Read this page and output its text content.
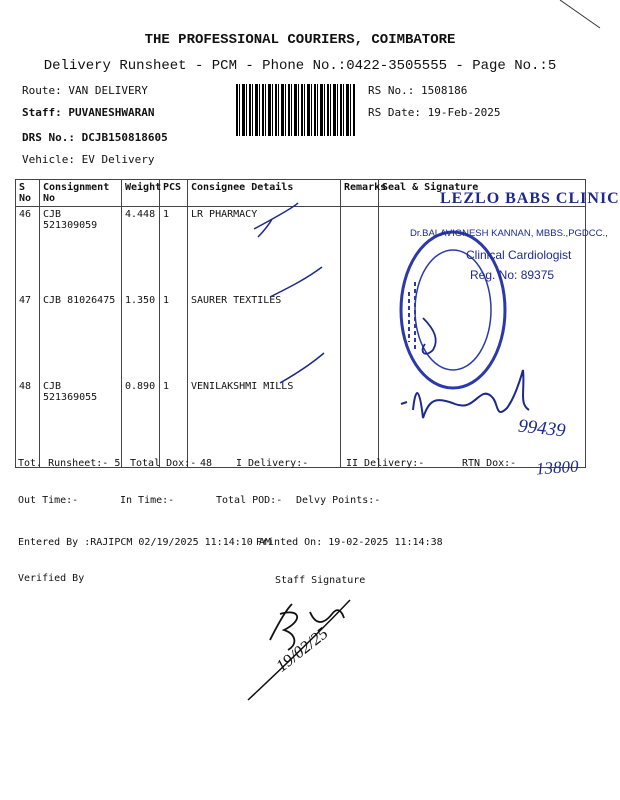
THE PROFESSIONAL COURIERS, COIMBATORE
Delivery Runsheet - PCM - Phone No.:0422-3505555 - Page No.:5
Route: VAN DELIVERY
Staff: PUVANESHWARAN
DRS No.: DCJB150818605
Vehicle: EV Delivery
RS No.: 1508186
RS Date: 19-Feb-2025
S No	Consignment No	Weight	PCS	Consignee Details	Remarks	Seal & Signature
46	CJB 521309059	4.448	1	LR PHARMACY		
47	CJB 81026475	1.350	1	SAURER TEXTILES		
48	CJB 521369055	0.890	1	VENILAKSHMI MILLS		
LEZLO BABS CLINIC
Dr.BALAVIGNESH KANNAN, MBBS.,PGDCC.,
Clinical Cardiologist
Reg. No: 89375
99439
13800
Tot. Runsheet:- 5 Total Dox:- 48 I Delivery:-	II Delivery:-	RTN Dox:-
Out Time:-	In Time:-	Total POD:- Delvy Points:-
Entered By :RAJIPCM 02/19/2025 11:14:10 AM
Printed On: 19-02-2025 11:14:38
Verified By	Staff Signature
19/02/25
